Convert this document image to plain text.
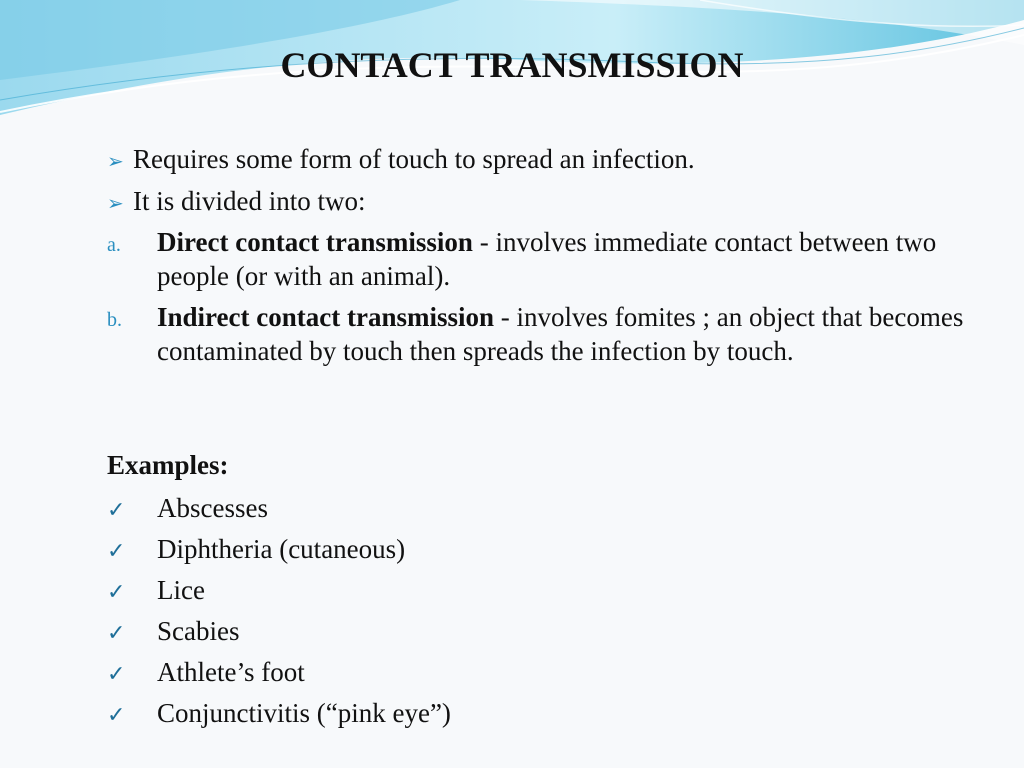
CONTACT TRANSMISSION
➢ Requires some form of touch to spread an infection.
➢ It is divided into two:
a. Direct contact transmission - involves immediate contact between two people (or with an animal).
b. Indirect contact transmission - involves fomites ; an object that becomes contaminated by touch then spreads the infection by touch.
Examples:
✓ Abscesses
✓ Diphtheria (cutaneous)
✓ Lice
✓ Scabies
✓ Athlete’s foot
✓ Conjunctivitis (“pink eye”)
